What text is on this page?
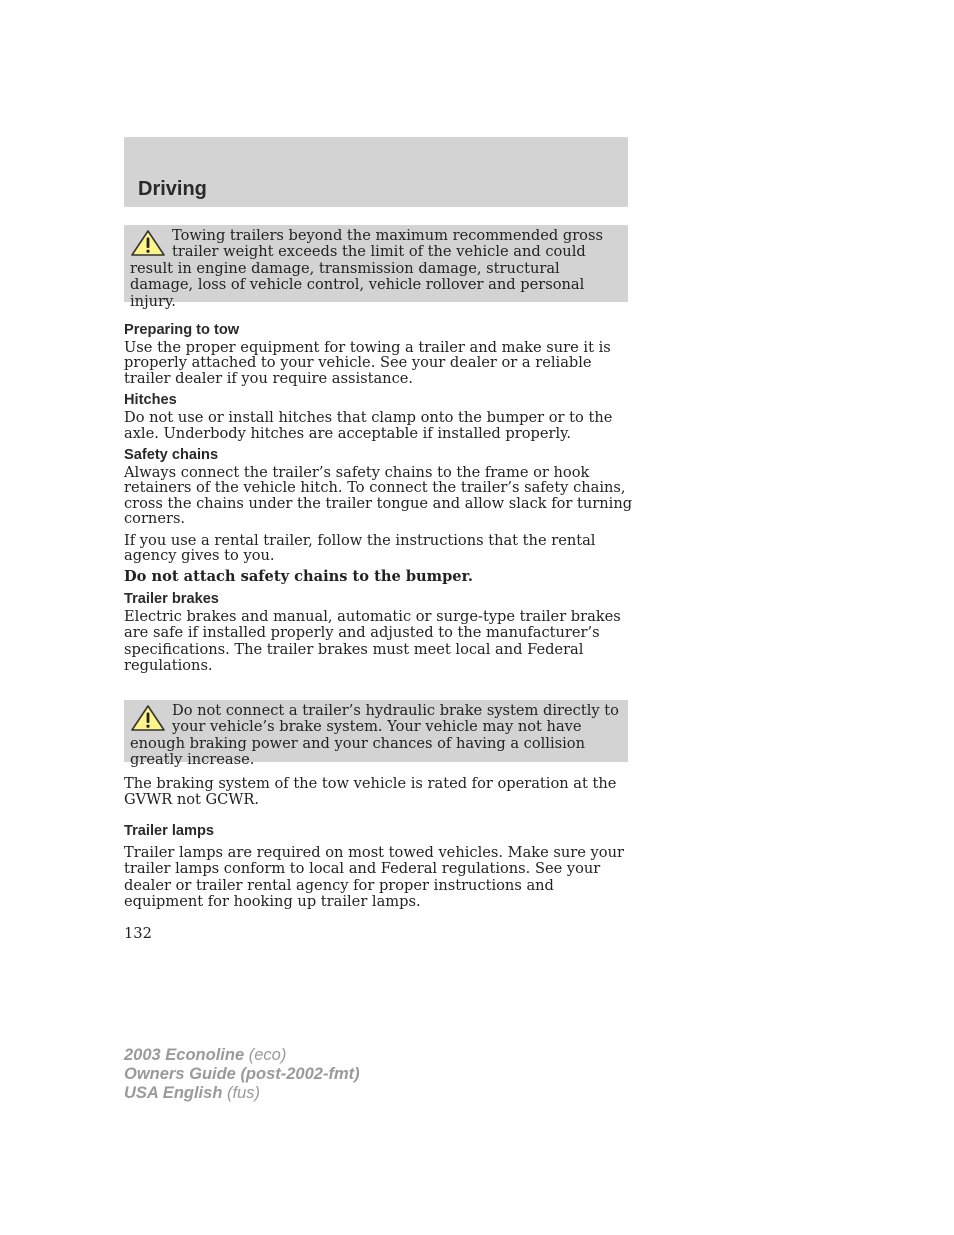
Driving

Towing trailers beyond the maximum recommended gross trailer weight exceeds the limit of the vehicle and could result in engine damage, transmission damage, structural damage, loss of vehicle control, vehicle rollover and personal injury.

Preparing to tow

Use the proper equipment for towing a trailer and make sure it is properly attached to your vehicle. See your dealer or a reliable trailer dealer if you require assistance.

Hitches

Do not use or install hitches that clamp onto the bumper or to the axle. Underbody hitches are acceptable if installed properly.

Safety chains

Always connect the trailer’s safety chains to the frame or hook retainers of the vehicle hitch. To connect the trailer’s safety chains, cross the chains under the trailer tongue and allow slack for turning corners.

If you use a rental trailer, follow the instructions that the rental agency gives to you.

Do not attach safety chains to the bumper.

Trailer brakes

Electric brakes and manual, automatic or surge-type trailer brakes are safe if installed properly and adjusted to the manufacturer’s specifications. The trailer brakes must meet local and Federal regulations.

Do not connect a trailer’s hydraulic brake system directly to your vehicle’s brake system. Your vehicle may not have enough braking power and your chances of having a collision greatly increase.

The braking system of the tow vehicle is rated for operation at the GVWR not GCWR.

Trailer lamps

Trailer lamps are required on most towed vehicles. Make sure your trailer lamps conform to local and Federal regulations. See your dealer or trailer rental agency for proper instructions and equipment for hooking up trailer lamps.

132
2003 Econoline (eco)
Owners Guide (post-2002-fmt)
USA English (fus)
